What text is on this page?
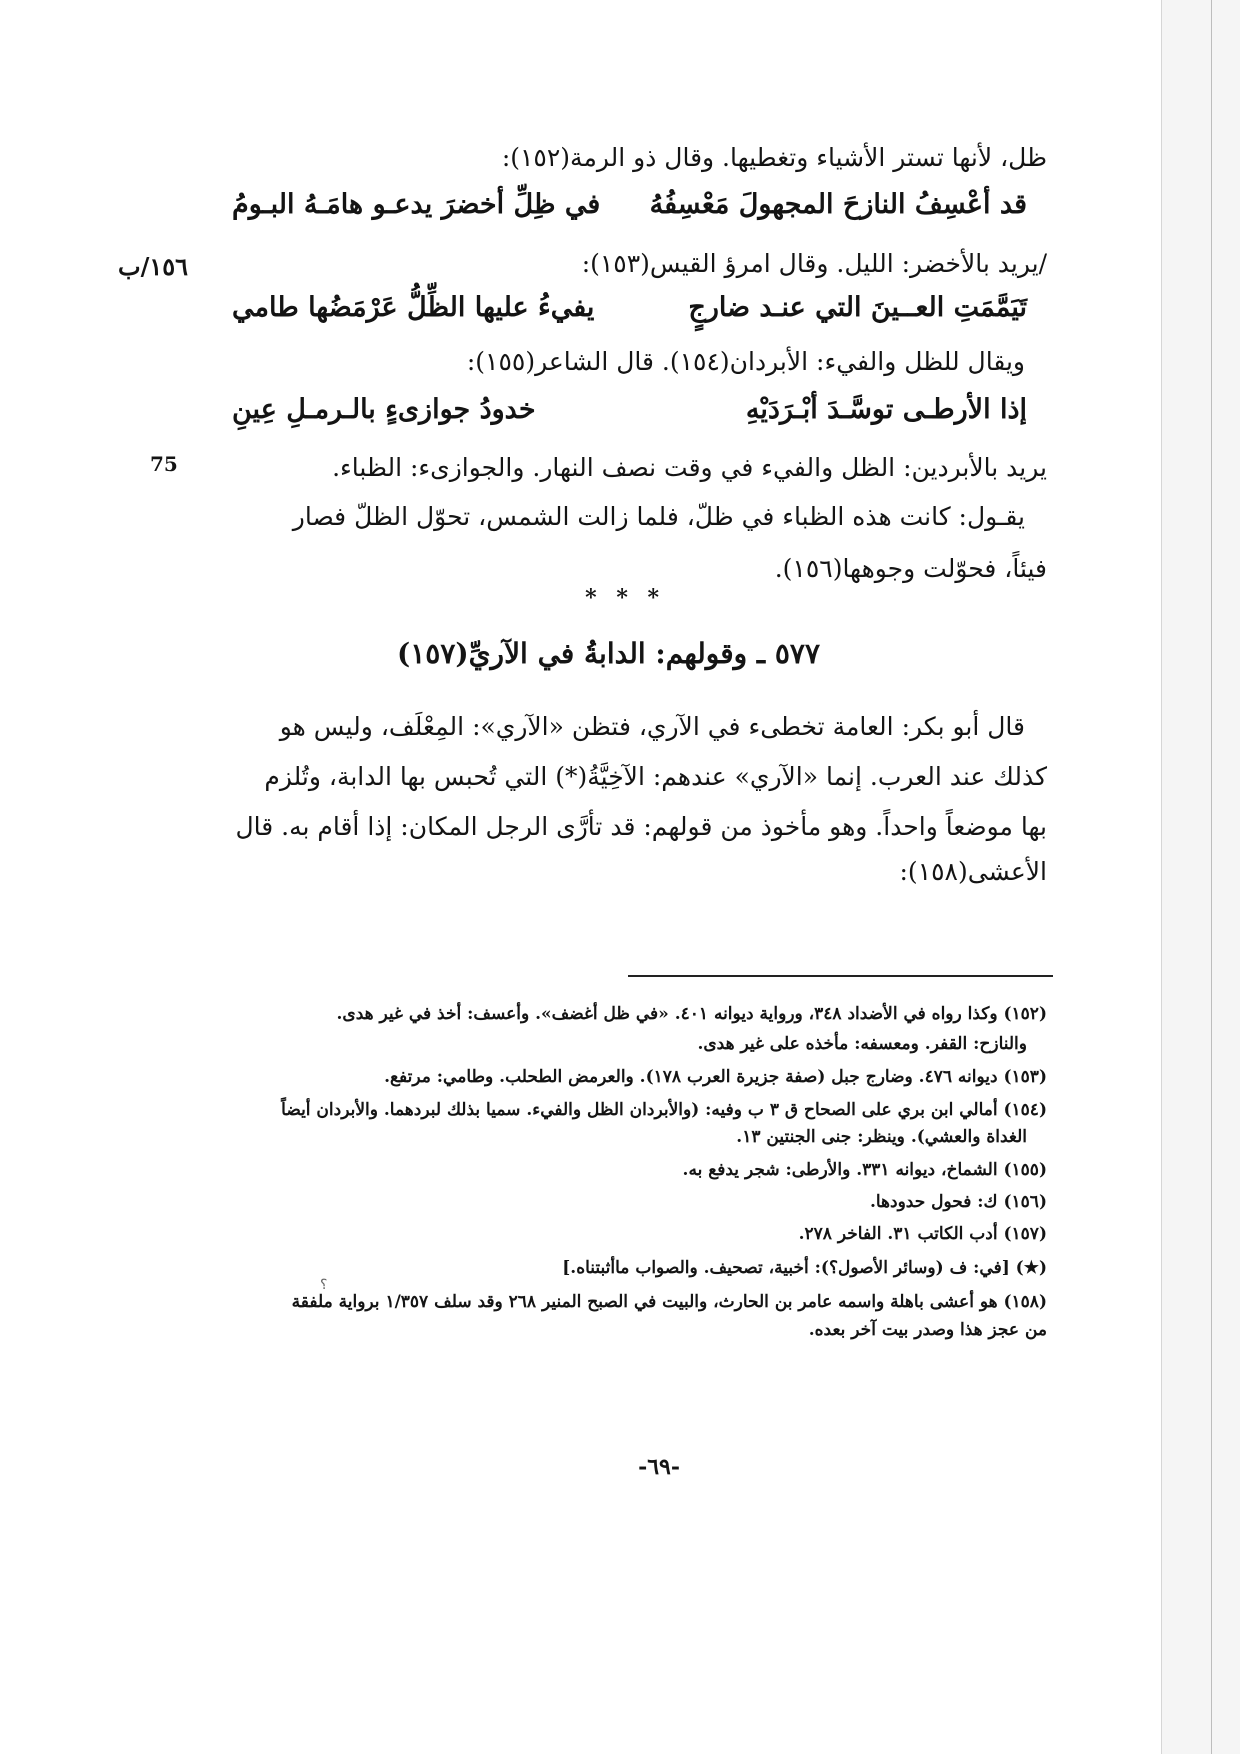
١٥٦/ب
75
ظل، لأنها تستر الأشياء وتغطيها. وقال ذو الرمة(١٥٢):
قد أعْسِفُ النازحَ المجهولَ مَعْسِفُهُ
في ظِلِّ أخضرَ يدعـو هامَـهُ البـومُ
/يريد بالأخضر: الليل. وقال امرؤ القيس(١٥٣):
تَيَمَّمَتِ العــينَ التي عنـد ضارجٍ
يفيءُ عليها الظِّلُّ عَرْمَضُها طامي
ويقال للظل والفيء: الأبردان(١٥٤). قال الشاعر(١٥٥):
إذا الأرطـى توسَّـدَ أبْـرَدَيْهِ
خدودُ جوازىءٍ بالـرمـلِ عِينِ
يريد بالأبردين: الظل والفيء في وقت نصف النهار. والجوازىء: الظباء.
يقـول: كانت هذه الظباء في ظلّ، فلما زالت الشمس، تحوّل الظلّ فصار
فيئاً، فحوّلت وجوهها(١٥٦).
* * *
٥٧٧ ـ وقولهم: الدابةُ في الآريِّ(١٥٧)
قال أبو بكر: العامة تخطىء في الآري، فتظن «الآري»: المِعْلَف، وليس هو
كذلك عند العرب. إنما «الآري» عندهم: الآخِيَّةُ(*) التي تُحبس بها الدابة، وتُلزم
بها موضعاً واحداً. وهو مأخوذ من قولهم: قد تأرَّى الرجل المكان: إذا أقام به. قال
الأعشى(١٥٨):
(١٥٢) وكذا رواه في الأضداد ٣٤٨، ورواية ديوانه ٤٠١. «في ظل أغضف». وأعسف: أخذ في غير هدى.
والنازح: القفر. ومعسفه: مأخذه على غير هدى.
(١٥٣) ديوانه ٤٧٦. وضارج جبل (صفة جزيرة العرب ١٧٨). والعرمض الطحلب. وطامي: مرتفع.
(١٥٤) أمالي ابن بري على الصحاح ق ٣ ب وفيه: (والأبردان الظل والفيء. سميا بذلك لبردهما. والأبردان أيضاً
الغداة والعشي). وينظر: جنى الجنتين ١٣.
(١٥٥) الشماخ، ديوانه ٣٣١. والأرطى: شجر يدفع به.
(١٥٦) ك: فحول حدودها.
(١٥٧) أدب الكاتب ٣١. الفاخر ٢٧٨.
(★) [في: ف (وسائر الأصول؟): أخبية، تصحيف. والصواب ماأثبتناه.]
(١٥٨) هو أعشى باهلة واسمه عامر بن الحارث، والبيت في الصبح المنير ٢٦٨ وقد سلف ١/٣٥٧ برواية ملفقة
من عجز هذا وصدر بيت آخر بعده.
؟
-٦٩-
